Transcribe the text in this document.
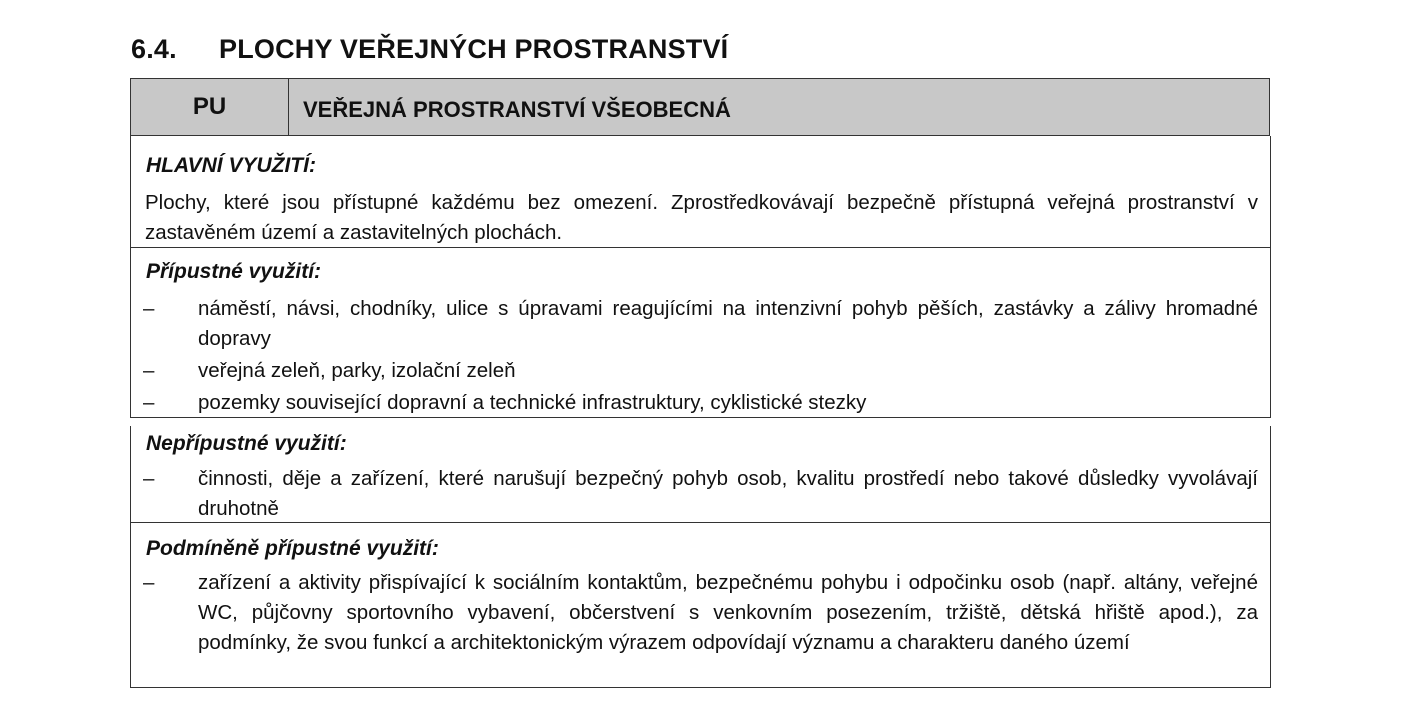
6.4. PLOCHY VEŘEJNÝCH PROSTRANSTVÍ
PU	VEŘEJNÁ PROSTRANSTVÍ VŠEOBECNÁ
HLAVNÍ VYUŽITÍ:
Plochy, které jsou přístupné každému bez omezení. Zprostředkovávají bezpečně přístupná veřejná prostranství v zastavěném území a zastavitelných plochách.
Přípustné využití:
– náměstí, návsi, chodníky, ulice s úpravami reagujícími na intenzivní pohyb pěších, zastávky a zálivy hromadné dopravy
– veřejná zeleň, parky, izolační zeleň
– pozemky související dopravní a technické infrastruktury, cyklistické stezky
Nepřípustné využití:
– činnosti, děje a zařízení, které narušují bezpečný pohyb osob, kvalitu prostředí nebo takové důsledky vyvolávají druhotně
Podmíněně přípustné využití:
– zařízení a aktivity přispívající k sociálním kontaktům, bezpečnému pohybu i odpočinku osob (např. altány, veřejné WC, půjčovny sportovního vybavení, občerstvení s venkovním posezením, tržiště, dětská hřiště apod.), za podmínky, že svou funkcí a architektonickým výrazem odpovídají významu a charakteru daného území
